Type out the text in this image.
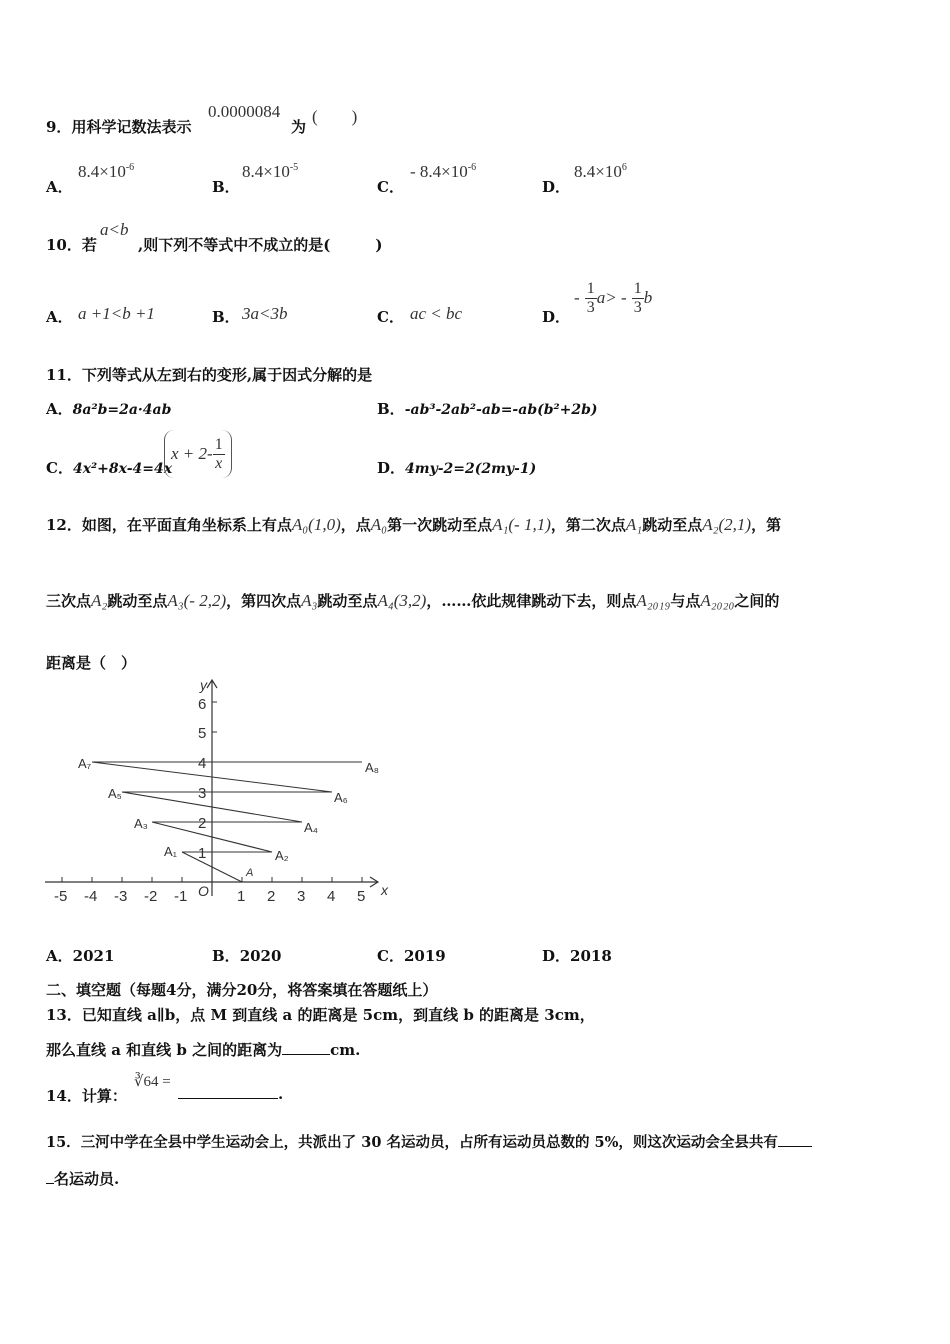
9．用科学记数法表示
0.0000084
为
(　　)
A．
$8.4\times 10^{-6}$
B．
$8.4\times 10^{-5}$
C．
- $8.4\times 10^{-6}$
D．
$8.4\times 10^6$
10．若
a<b
,则下列不等式中不成立的是(　　　)
A． a +1<b +1	B． 3a<3b	C． ac < bc	D．
- $\frac{1}{3} a> - \frac{1}{3}$ b
11．下列等式从左到右的变形,属于因式分解的是
A．8a²b=2a·4ab	B．-ab³-2ab²-ab=-ab(b²+2b)
C．4x²+8x-4=4x
$x + 2- \frac{1}{x}$	D．4my-2=2(2my-1)
12．如图，在平面直角坐标系上有点A₀(1,0)，点A₀第一次跳动至点A₁(- 1,1)，第二次点A₁跳动至点A₂(2,1)，第
三次点A₂跳动至点A₃(- 2,2)，第四次点A₃跳动至点A₄(3,2)，……依此规律跳动下去，则点A₂₀₁₉与点A₂₀₂₀之间的
距离是（　）
x
y
O
-5 -4 -3 -2 -1	1 2 3 4 5
1
2
3
4
5
6
A
A₁	A₂
A₃	A₄
A₅	A₆
A₇	A₈
A．2021	B．2020	C．2019	D．2018
二、填空题（每题4分，满分20分，将答案填在答题纸上）
13．已知直线 a∥b，点 M 到直线 a 的距离是 5cm，到直线 b 的距离是 3cm，
那么直线 a 和直线 b 之间的距离为	cm.
14．计算：
∛64 =
.
15．三河中学在全县中学生运动会上，共派出了 30 名运动员，占所有运动员总数的 5%，则这次运动会全县共有
名运动员.
